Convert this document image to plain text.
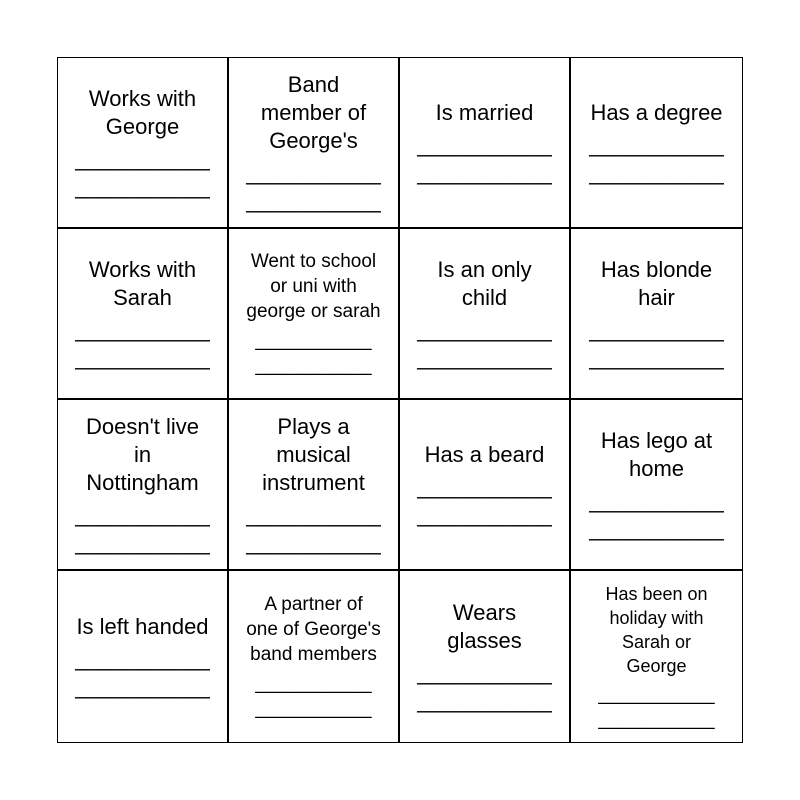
Works with
George
___________
___________
Band
member of
George's
___________
___________
Is married
___________
___________
Has a degree
___________
___________
Works with
Sarah
___________
___________
Went to school
or uni with
george or sarah
___________
___________
Is an only
child
___________
___________
Has blonde
hair
___________
___________
Doesn't live
in
Nottingham
___________
___________
Plays a
musical
instrument
___________
___________
Has a beard
___________
___________
Has lego at
home
___________
___________
Is left handed
___________
___________
A partner of
one of George's
band members
___________
___________
Wears
glasses
___________
___________
Has been on
holiday with
Sarah or
George
___________
___________
